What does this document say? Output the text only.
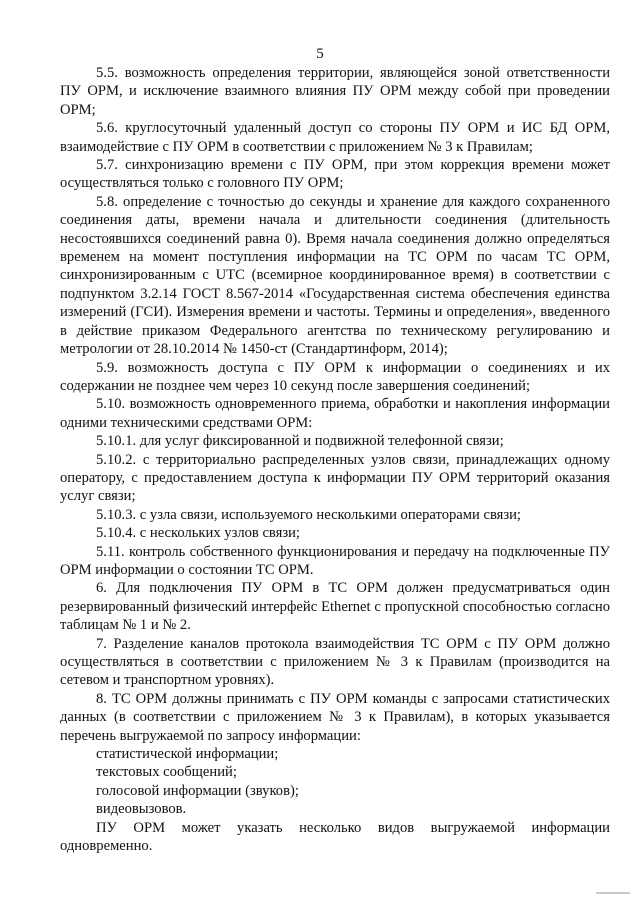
5

5.5. возможность определения территории, являющейся зоной ответственности ПУ ОРМ, и исключение взаимного влияния ПУ ОРМ между собой при проведении ОРМ;

5.6. круглосуточный удаленный доступ со стороны ПУ ОРМ и ИС БД ОРМ, взаимодействие с ПУ ОРМ в соответствии с приложением № 3 к Правилам;

5.7. синхронизацию времени с ПУ ОРМ, при этом коррекция времени может осуществляться только с головного ПУ ОРМ;

5.8. определение с точностью до секунды и хранение для каждого сохраненного соединения даты, времени начала и длительности соединения (длительность несостоявшихся соединений равна 0). Время начала соединения должно определяться временем на момент поступления информации на ТС ОРМ по часам ТС ОРМ, синхронизированным с UTC (всемирное координированное время) в соответствии с подпунктом 3.2.14 ГОСТ 8.567-2014 «Государственная система обеспечения единства измерений (ГСИ). Измерения времени и частоты. Термины и определения», введенного в действие приказом Федерального агентства по техническому регулированию и метрологии от 28.10.2014 № 1450-ст (Стандартинформ, 2014);

5.9. возможность доступа с ПУ ОРМ к информации о соединениях и их содержании не позднее чем через 10 секунд после завершения соединений;

5.10. возможность одновременного приема, обработки и накопления информации одними техническими средствами ОРМ:

5.10.1. для услуг фиксированной и подвижной телефонной связи;

5.10.2. с территориально распределенных узлов связи, принадлежащих одному оператору, с предоставлением доступа к информации ПУ ОРМ территорий оказания услуг связи;

5.10.3. с узла связи, используемого несколькими операторами связи;

5.10.4. с нескольких узлов связи;

5.11. контроль собственного функционирования и передачу на подключенные ПУ ОРМ информации о состоянии ТС ОРМ.

6. Для подключения ПУ ОРМ в ТС ОРМ должен предусматриваться один резервированный физический интерфейс Ethernet с пропускной способностью согласно таблицам № 1 и № 2.

7. Разделение каналов протокола взаимодействия ТС ОРМ с ПУ ОРМ должно осуществляться в соответствии с приложением № 3 к Правилам (производится на сетевом и транспортном уровнях).

8. ТС ОРМ должны принимать с ПУ ОРМ команды с запросами статистических данных (в соответствии с приложением № 3 к Правилам), в которых указывается перечень выгружаемой по запросу информации:

статистической информации;

текстовых сообщений;

голосовой информации (звуков);

видеовызовов.

ПУ ОРМ может указать несколько видов выгружаемой информации одновременно.
